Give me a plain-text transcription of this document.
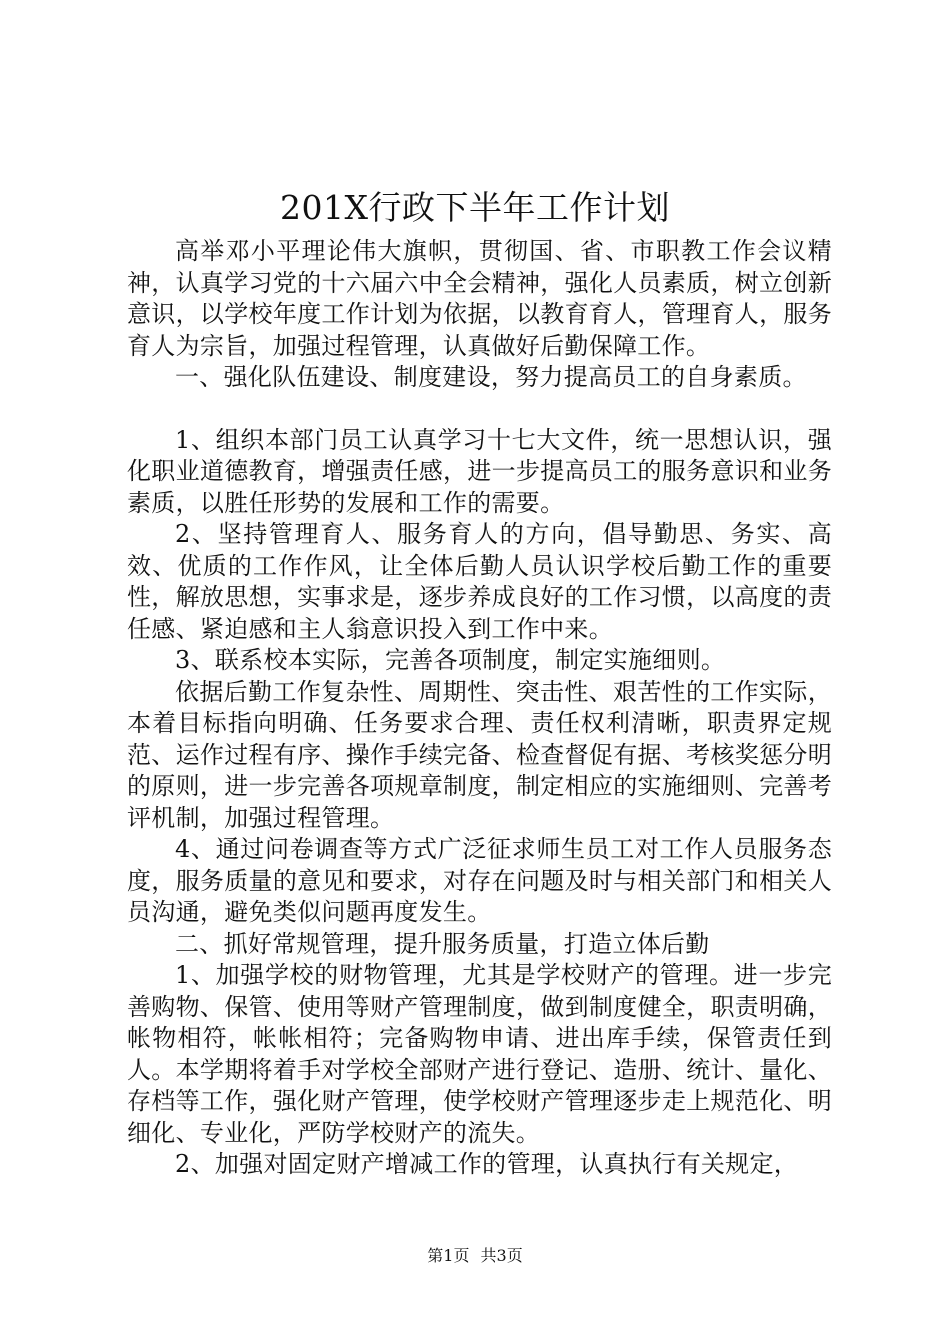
201X行政下半年工作计划

高举邓小平理论伟大旗帜，贯彻国、省、市职教工作会议精神，认真学习党的十六届六中全会精神，强化人员素质，树立创新意识，以学校年度工作计划为依据，以教育育人，管理育人，服务育人为宗旨，加强过程管理，认真做好后勤保障工作。

一、强化队伍建设、制度建设，努力提高员工的自身素质。

1、组织本部门员工认真学习十七大文件，统一思想认识，强化职业道德教育，增强责任感，进一步提高员工的服务意识和业务素质，以胜任形势的发展和工作的需要。

2、坚持管理育人、服务育人的方向，倡导勤思、务实、高效、优质的工作作风，让全体后勤人员认识学校后勤工作的重要性，解放思想，实事求是，逐步养成良好的工作习惯，以高度的责任感、紧迫感和主人翁意识投入到工作中来。

3、联系校本实际，完善各项制度，制定实施细则。

依据后勤工作复杂性、周期性、突击性、艰苦性的工作实际，本着目标指向明确、任务要求合理、责任权利清晰，职责界定规范、运作过程有序、操作手续完备、检查督促有据、考核奖惩分明的原则，进一步完善各项规章制度，制定相应的实施细则、完善考评机制，加强过程管理。

4、通过问卷调查等方式广泛征求师生员工对工作人员服务态度，服务质量的意见和要求，对存在问题及时与相关部门和相关人员沟通，避免类似问题再度发生。

二、抓好常规管理，提升服务质量，打造立体后勤

1、加强学校的财物管理，尤其是学校财产的管理。进一步完善购物、保管、使用等财产管理制度，做到制度健全，职责明确，帐物相符，帐帐相符；完备购物申请、进出库手续，保管责任到人。本学期将着手对学校全部财产进行登记、造册、统计、量化、存档等工作，强化财产管理，使学校财产管理逐步走上规范化、明细化、专业化，严防学校财产的流失。

2、加强对固定财产增减工作的管理，认真执行有关规定，

第1页 共3页
